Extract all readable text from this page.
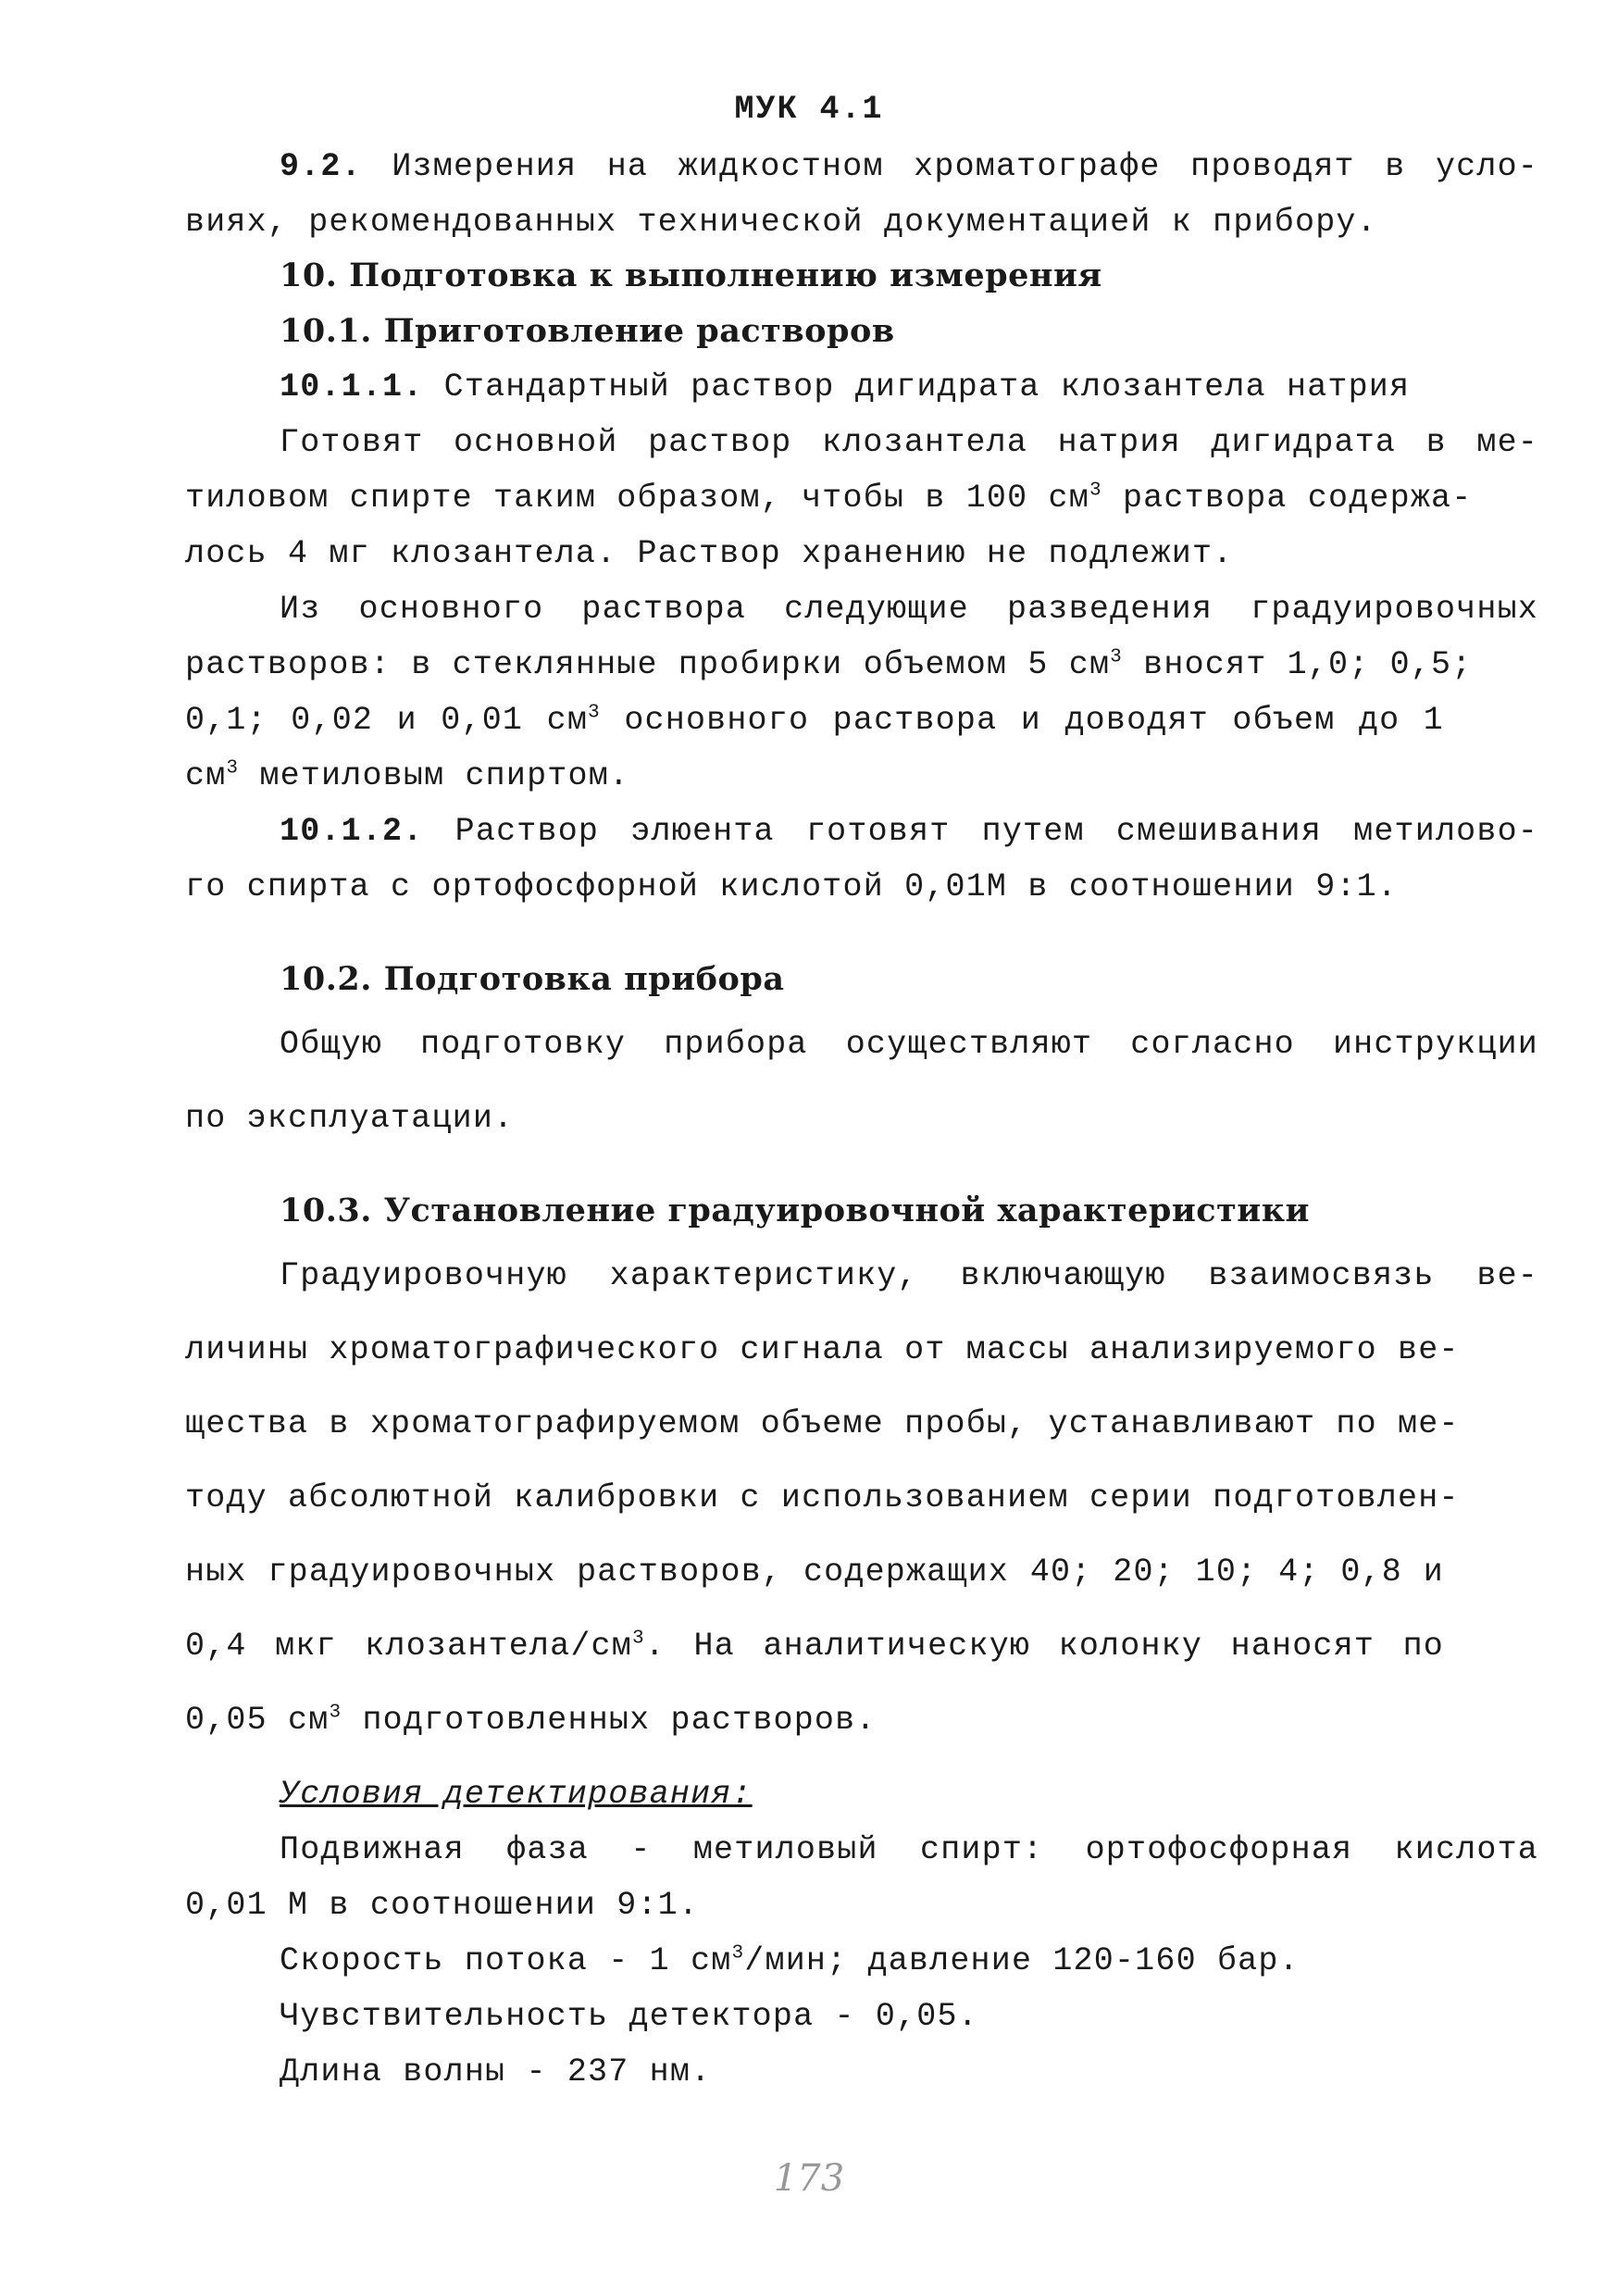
МУК 4.1
9.2. Измерения на жидкостном хроматографе проводят в усло-
виях, рекомендованных технической документацией к прибору.
10. Подготовка к выполнению измерения
10.1. Приготовление растворов
10.1.1. Стандартный раствор дигидрата клозантела натрия
Готовят основной раствор клозантела натрия дигидрата в ме-
тиловом спирте таким образом, чтобы в 100 $см^3$ раствора содержа-
лось 4 мг клозантела. Раствор хранению не подлежит.
Из основного раствора следующие разведения градуировочных
растворов: в стеклянные пробирки объемом 5 $см^3$ вносят 1,0; 0,5;
0,1; 0,02 и 0,01 $см^3$ основного раствора и доводят объем до 1
$см^3$ метиловым спиртом.
10.1.2. Раствор элюента готовят путем смешивания метилово-
го спирта с ортофосфорной кислотой 0,01М в соотношении 9:1.
10.2. Подготовка прибора
Общую подготовку прибора осуществляют согласно инструкции
по эксплуатации.
10.3. Установление градуировочной характеристики
Градуировочную характеристику, включающую взаимосвязь ве-
личины хроматографического сигнала от массы анализируемого ве-
щества в хроматографируемом объеме пробы, устанавливают по ме-
тоду абсолютной калибровки с использованием серии подготовлен-
ных градуировочных растворов, содержащих 40; 20; 10; 4; 0,8 и
0,4 мкг клозантела/$см^3$. На аналитическую колонку наносят по
0,05 $см^3$ подготовленных растворов.
Условия детектирования:
Подвижная фаза - метиловый спирт: ортофосфорная кислота
0,01 М в соотношении 9:1.
Скорость потока - 1 $см^3$/мин; давление 120-160 бар.
Чувствительность детектора - 0,05.
Длина волны - 237 нм.
173
